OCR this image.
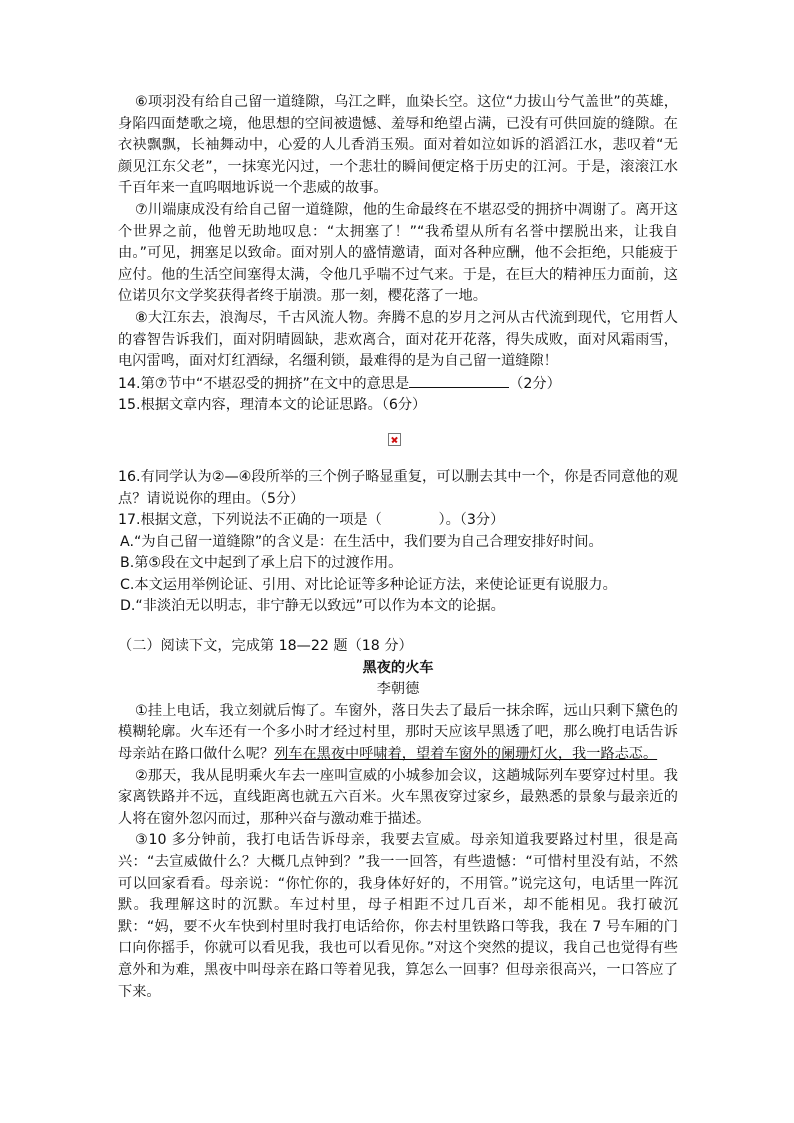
⑥项羽没有给自己留一道缝隙，乌江之畔，血染长空。这位“力拔山兮气盖世”的英雄，身陷四面楚歌之境，他思想的空间被遗憾、羞辱和绝望占满，已没有可供回旋的缝隙。在衣袂飘飘，长袖舞动中，心爱的人儿香消玉殒。面对着如泣如诉的滔滔江水，悲叹着“无颜见江东父老”，一抹寒光闪过，一个悲壮的瞬间便定格于历史的江河。于是，滚滚江水千百年来一直呜咽地诉说一个悲威的故事。

⑦川端康成没有给自己留一道缝隙，他的生命最终在不堪忍受的拥挤中凋谢了。离开这个世界之前，他曾无助地叹息：“太拥塞了！”“我希望从所有名誉中摆脱出来，让我自由。”可见，拥塞足以致命。面对别人的盛情邀请，面对各种应酬，他不会拒绝，只能疲于应付。他的生活空间塞得太满，令他几乎喘不过气来。于是，在巨大的精神压力面前，这位诺贝尔文学奖获得者终于崩溃。那一刻，樱花落了一地。

⑧大江东去，浪淘尽，千古风流人物。奔腾不息的岁月之河从古代流到现代，它用哲人的睿智告诉我们，面对阴晴圆缺，悲欢离合，面对花开花落，得失成败，面对风霜雨雪，电闪雷鸣，面对灯红酒绿，名缰利锁，最难得的是为自己留一道缝隙！

14.第⑦节中“不堪忍受的拥挤”在文中的意思是	（2分）

15.根据文章内容，理清本文的论证思路。（6分）

16.有同学认为②—④段所举的三个例子略显重复，可以删去其中一个，你是否同意他的观点？请说说你的理由。（5分）

17.根据文意，下列说法不正确的一项是（　　　　）。（3分）

A.“为自己留一道缝隙”的含义是：在生活中，我们要为自己合理安排好时间。

B.第⑤段在文中起到了承上启下的过渡作用。

C.本文运用举例论证、引用、对比论证等多种论证方法，来使论证更有说服力。

D.“非淡泊无以明志，非宁静无以致远”可以作为本文的论据。

（二）阅读下文，完成第 18—22 题（18 分）

黑夜的火车

李朝德

①挂上电话，我立刻就后悔了。车窗外，落日失去了最后一抹余晖，远山只剩下黛色的模糊轮廓。火车还有一个多小时才经过村里，那时天应该早黑透了吧，那么晚打电话告诉母亲站在路口做什么呢？列车在黑夜中呼啸着，望着车窗外的阑珊灯火，我一路忐忑。

②那天，我从昆明乘火车去一座叫宣威的小城参加会议，这趟城际列车要穿过村里。我家离铁路并不远，直线距离也就五六百米。火车黑夜穿过家乡，最熟悉的景象与最亲近的人将在窗外忽闪而过，那种兴奋与激动难于描述。

③10 多分钟前，我打电话告诉母亲，我要去宣威。母亲知道我要路过村里，很是高兴：“去宣威做什么？大概几点钟到？”我一一回答，有些遗憾：“可惜村里没有站，不然可以回家看看。母亲说：“你忙你的，我身体好好的，不用管。”说完这句，电话里一阵沉默。我理解这时的沉默。车过村里，母子相距不过几百米，却不能相见。我打破沉默：“妈，要不火车快到村里时我打电话给你，你去村里铁路口等我，我在 7 号车厢的门口向你摇手，你就可以看见我，我也可以看见你。”对这个突然的提议，我自己也觉得有些意外和为难，黑夜中叫母亲在路口等着见我，算怎么一回事？但母亲很高兴，一口答应了下来。
